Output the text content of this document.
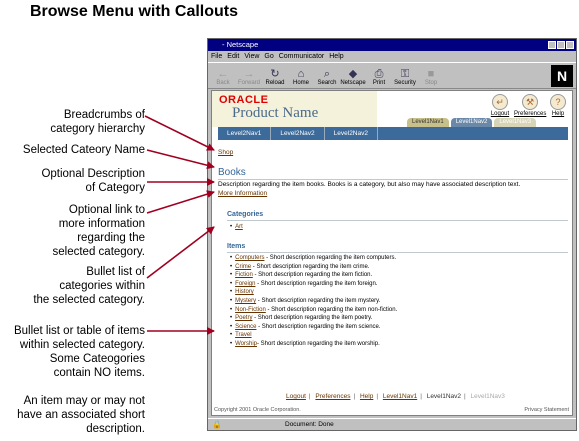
Browse Menu with Callouts
Breadcrumbs of
category hierarchy
Selected Cateory Name
Optional Description
of Category
Optional link to
more information
regarding the
selected category.
Bullet list of
categories within
the selected category.
Bullet list or table of items
within selected category.
Some Cateogories
contain NO items.
An item may or may not
have an associated short
description.
- Netscape
File Edit View Go Communicator Help
←
Back
→
Forward
↻
Reload
⌂
Home
⌕
Search
◆
Netscape
⎙
Print
⚿
Security
■
Stop	N
ORACLE
Product Name
↵
Logout
⚒
Preferences
?
Help
Level1Nav1	Level1Nav2	Level1Nav3
Level2Nav1	Level2Nav2	Level2Nav2
Shop
Books
Description regarding the item books. Books is a category, but also may have associated description text.
More Information
Categories
• Art
Items
• Computers - Short description regarding the item computers.
• Crime - Short description regarding the item crime.
• Fiction - Short description regarding the item fiction.
• Foreign - Short description regarding the item foreign.
• History
• Mystery - Short description regarding the item mystery.
• Non-Fiction - Short description regarding the item non-fiction.
• Poetry - Short description regarding the item poetry.
• Science - Short description regarding the item science.
• Travel
• Worship- Short description regarding the item worship.
Logout | Preferences | Help | Level1Nav1 | Level1Nav2 | Level1Nav3
Copyright 2001 Oracle Corporation.	Privacy Statement
🔒	Document: Done
